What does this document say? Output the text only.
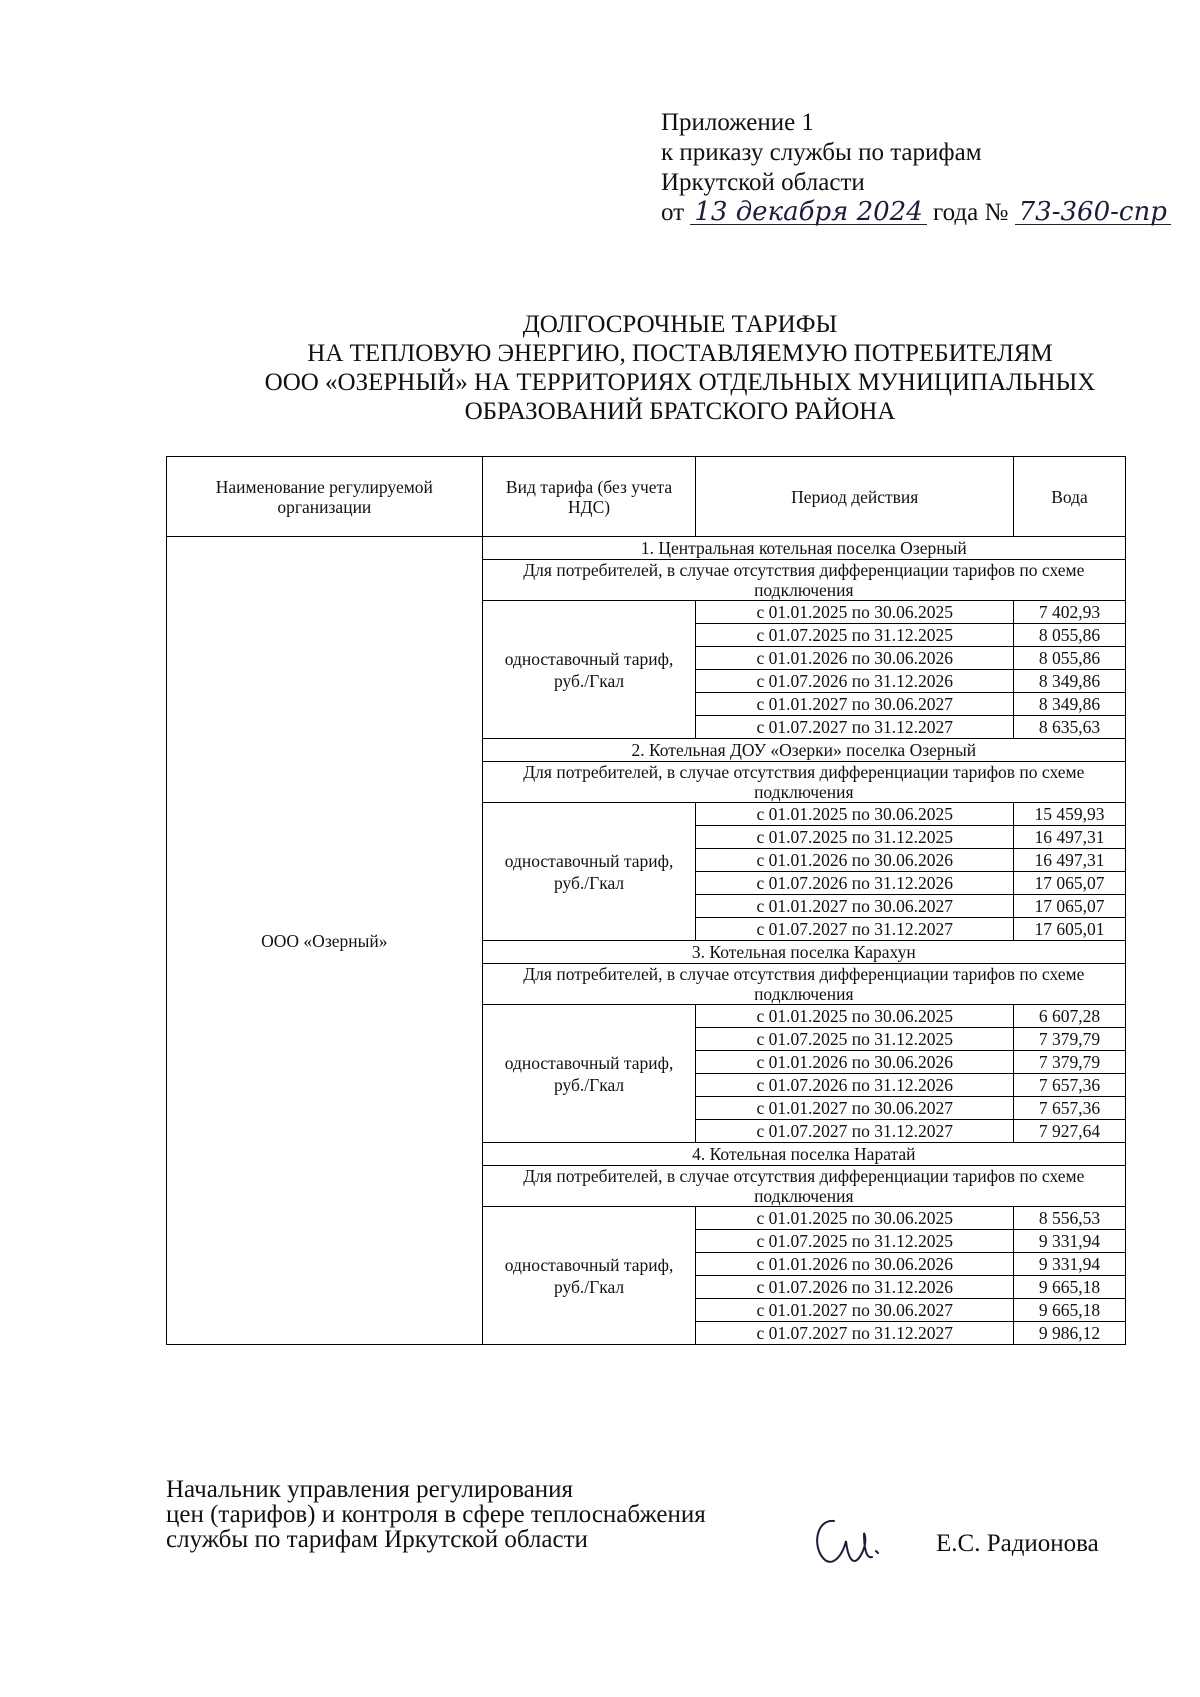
Приложение 1
к приказу службы по тарифам
Иркутской области
от 13 декабря 2024 года № 73-360-спр
ДОЛГОСРОЧНЫЕ ТАРИФЫ
НА ТЕПЛОВУЮ ЭНЕРГИЮ, ПОСТАВЛЯЕМУЮ ПОТРЕБИТЕЛЯМ
ООО «ОЗЕРНЫЙ» НА ТЕРРИТОРИЯХ ОТДЕЛЬНЫХ МУНИЦИПАЛЬНЫХ
ОБРАЗОВАНИЙ БРАТСКОГО РАЙОНА
Наименование регулируемой организации	Вид тарифа (без учета НДС)	Период действия	Вода
ООО «Озерный»	1. Центральная котельная поселка Озерный		
	Для потребителей, в случае отсутствия дифференциации тарифов по схеме подключения		
	одноставочный тариф, руб./Гкал	с 01.01.2025 по 30.06.2025	7 402,93
		с 01.07.2025 по 31.12.2025	8 055,86
		с 01.01.2026 по 30.06.2026	8 055,86
		с 01.07.2026 по 31.12.2026	8 349,86
		с 01.01.2027 по 30.06.2027	8 349,86
		с 01.07.2027 по 31.12.2027	8 635,63
	2. Котельная ДОУ «Озерки» поселка Озерный		
	Для потребителей, в случае отсутствия дифференциации тарифов по схеме подключения		
	одноставочный тариф, руб./Гкал	с 01.01.2025 по 30.06.2025	15 459,93
		с 01.07.2025 по 31.12.2025	16 497,31
		с 01.01.2026 по 30.06.2026	16 497,31
		с 01.07.2026 по 31.12.2026	17 065,07
		с 01.01.2027 по 30.06.2027	17 065,07
		с 01.07.2027 по 31.12.2027	17 605,01
	3. Котельная поселка Карахун		
	Для потребителей, в случае отсутствия дифференциации тарифов по схеме подключения		
	одноставочный тариф, руб./Гкал	с 01.01.2025 по 30.06.2025	6 607,28
		с 01.07.2025 по 31.12.2025	7 379,79
		с 01.01.2026 по 30.06.2026	7 379,79
		с 01.07.2026 по 31.12.2026	7 657,36
		с 01.01.2027 по 30.06.2027	7 657,36
		с 01.07.2027 по 31.12.2027	7 927,64
	4. Котельная поселка Наратай		
	Для потребителей, в случае отсутствия дифференциации тарифов по схеме подключения		
	одноставочный тариф, руб./Гкал	с 01.01.2025 по 30.06.2025	8 556,53
		с 01.07.2025 по 31.12.2025	9 331,94
		с 01.01.2026 по 30.06.2026	9 331,94
		с 01.07.2026 по 31.12.2026	9 665,18
		с 01.01.2027 по 30.06.2027	9 665,18
		с 01.07.2027 по 31.12.2027	9 986,12
Начальник управления регулирования
цен (тарифов) и контроля в сфере теплоснабжения
службы по тарифам Иркутской области	Е.С. Радионова
